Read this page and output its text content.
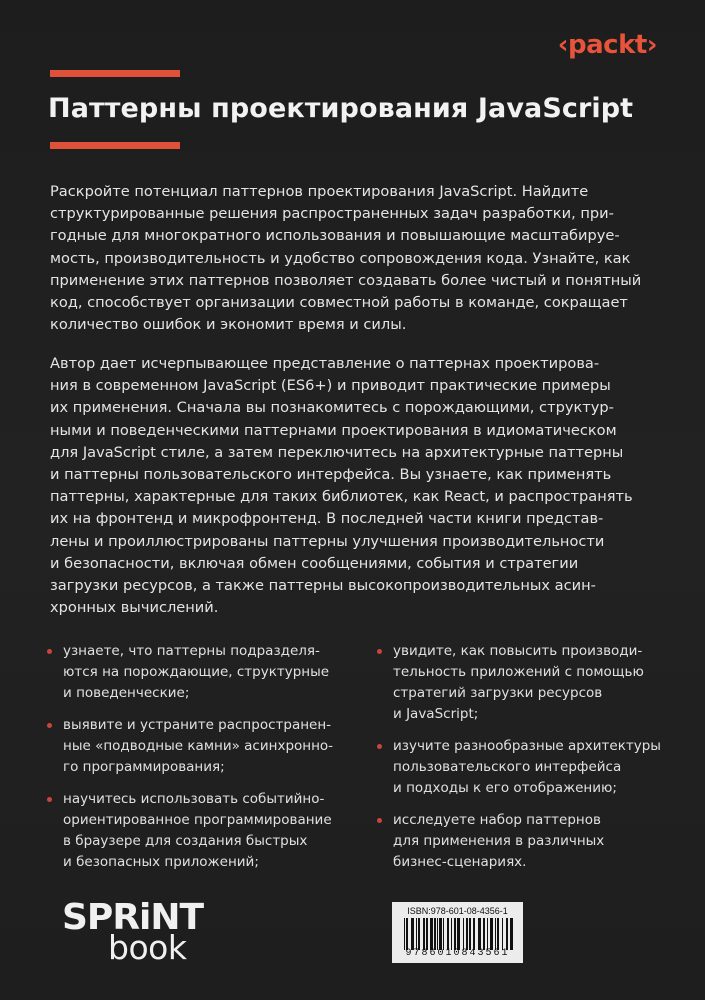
‹packt›
Паттерны проектирования JavaScript
Раскройте потенциал паттернов проектирования JavaScript. Найдите
структурированные решения распространенных задач разработки, при-
годные для многократного использования и повышающие масштабируе-
мость, производительность и удобство сопровождения кода. Узнайте, как
применение этих паттернов позволяет создавать более чистый и понятный
код, способствует организации совместной работы в команде, сокращает
количество ошибок и экономит время и силы.
Автор дает исчерпывающее представление о паттернах проектирова-
ния в современном JavaScript (ES6+) и приводит практические примеры
их применения. Сначала вы познакомитесь с порождающими, структур-
ными и поведенческими паттернами проектирования в идиоматическом
для JavaScript стиле, а затем переключитесь на архитектурные паттерны
и паттерны пользовательского интерфейса. Вы узнаете, как применять
паттерны, характерные для таких библиотек, как React, и распространять
их на фронтенд и микрофронтенд. В последней части книги представ-
лены и проиллюстрированы паттерны улучшения производительности
и безопасности, включая обмен сообщениями, события и стратегии
загрузки ресурсов, а также паттерны высокопроизводительных асин-
хронных вычислений.
узнаете, что паттерны подразделя-
ются на порождающие, структурные
и поведенческие;
выявите и устраните распространен-
ные «подводные камни» асинхронно-
го программирования;
научитесь использовать событийно-
ориентированное программирование
в браузере для создания быстрых
и безопасных приложений;
увидите, как повысить производи-
тельность приложений с помощью
стратегий загрузки ресурсов
и JavaScript;
изучите разнообразные архитектуры
пользовательского интерфейса
и подходы к его отображению;
исследуете набор паттернов
для применения в различных
бизнес-сценариях.
SPRiNT
book
ISBN:978-601-08-4356-1
9786010843561
